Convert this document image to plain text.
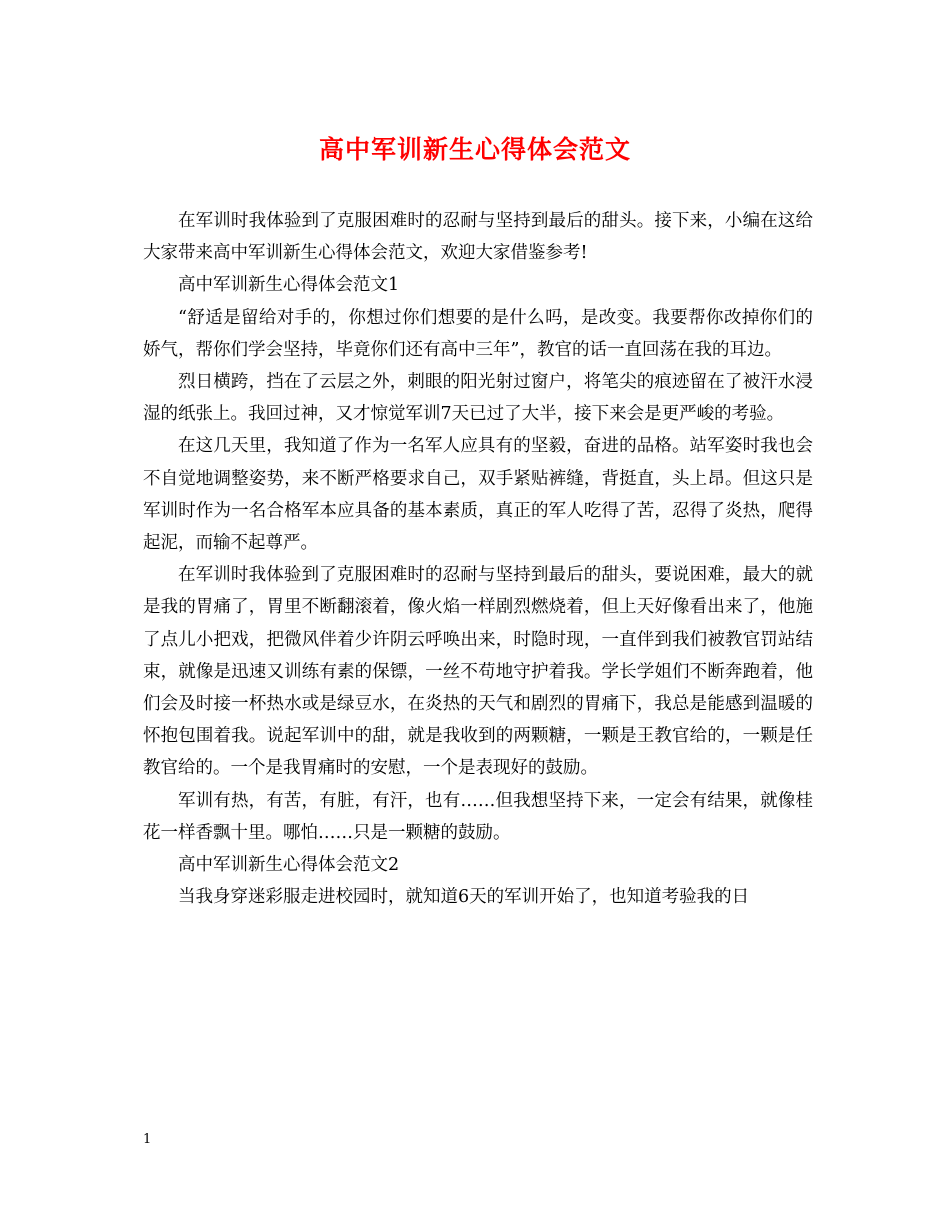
高中军训新生心得体会范文

在军训时我体验到了克服困难时的忍耐与坚持到最后的甜头。接下来，小编在这给大家带来高中军训新生心得体会范文，欢迎大家借鉴参考!

高中军训新生心得体会范文1

“舒适是留给对手的，你想过你们想要的是什么吗，是改变。我要帮你改掉你们的娇气，帮你们学会坚持，毕竟你们还有高中三年”，教官的话一直回荡在我的耳边。

烈日横跨，挡在了云层之外，刺眼的阳光射过窗户，将笔尖的痕迹留在了被汗水浸湿的纸张上。我回过神，又才惊觉军训7天已过了大半，接下来会是更严峻的考验。

在这几天里，我知道了作为一名军人应具有的坚毅，奋进的品格。站军姿时我也会不自觉地调整姿势，来不断严格要求自己，双手紧贴裤缝，背挺直，头上昂。但这只是军训时作为一名合格军本应具备的基本素质，真正的军人吃得了苦，忍得了炎热，爬得起泥，而输不起尊严。

在军训时我体验到了克服困难时的忍耐与坚持到最后的甜头，要说困难，最大的就是我的胃痛了，胃里不断翻滚着，像火焰一样剧烈燃烧着，但上天好像看出来了，他施了点儿小把戏，把微风伴着少许阴云呼唤出来，时隐时现，一直伴到我们被教官罚站结束，就像是迅速又训练有素的保镖，一丝不苟地守护着我。学长学姐们不断奔跑着，他们会及时接一杯热水或是绿豆水，在炎热的天气和剧烈的胃痛下，我总是能感到温暖的怀抱包围着我。说起军训中的甜，就是我收到的两颗糖，一颗是王教官给的，一颗是任教官给的。一个是我胃痛时的安慰，一个是表现好的鼓励。

军训有热，有苦，有脏，有汗，也有……但我想坚持下来，一定会有结果，就像桂花一样香飘十里。哪怕……只是一颗糖的鼓励。

高中军训新生心得体会范文2

当我身穿迷彩服走进校园时，就知道6天的军训开始了，也知道考验我的日

1
